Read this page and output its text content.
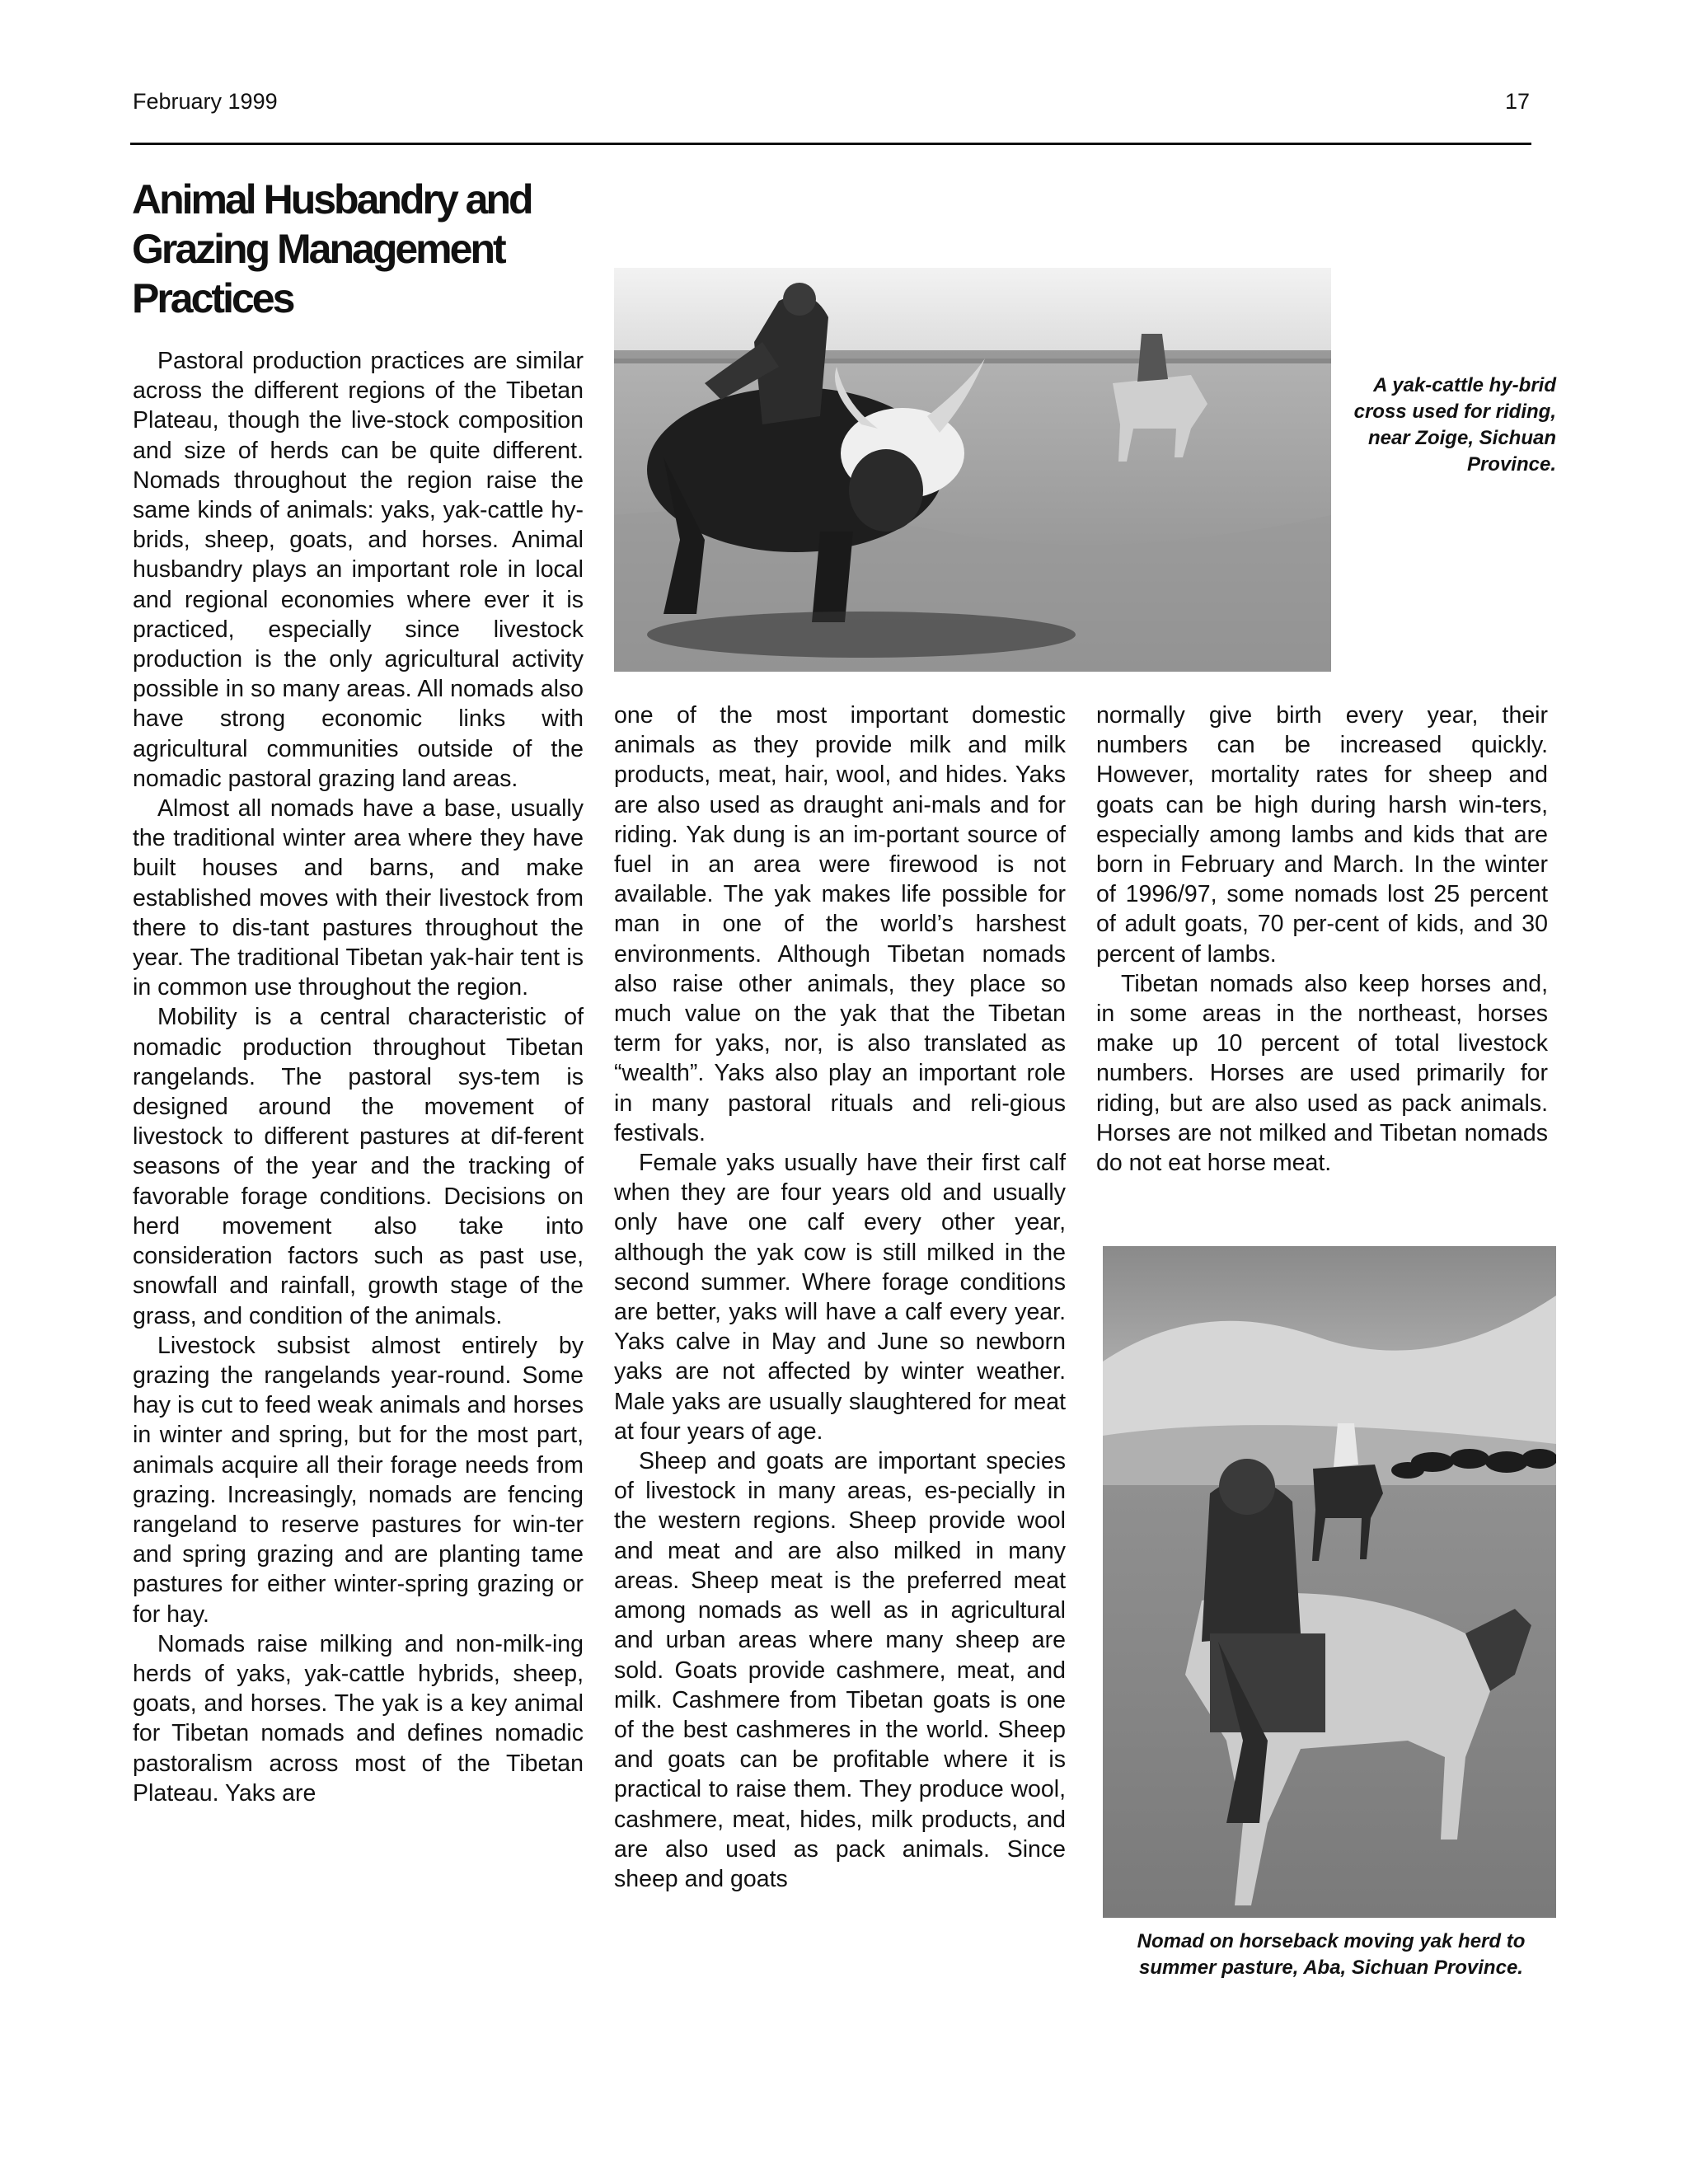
February 1999	17
Animal Husbandry and Grazing Management Practices

Pastoral production practices are similar across the different regions of the Tibetan Plateau, though the live-stock composition and size of herds can be quite different. Nomads throughout the region raise the same kinds of animals: yaks, yak-cattle hy-brids, sheep, goats, and horses. Animal husbandry plays an important role in local and regional economies where ever it is practiced, especially since livestock production is the only agricultural activity possible in so many areas. All nomads also have strong economic links with agricultural communities outside of the nomadic pastoral grazing land areas.

Almost all nomads have a base, usually the traditional winter area where they have built houses and barns, and make established moves with their livestock from there to dis-tant pastures throughout the year. The traditional Tibetan yak-hair tent is in common use throughout the region.

Mobility is a central characteristic of nomadic production throughout Tibetan rangelands. The pastoral sys-tem is designed around the movement of livestock to different pastures at dif-ferent seasons of the year and the tracking of favorable forage conditions. Decisions on herd movement also take into consideration factors such as past use, snowfall and rainfall, growth stage of the grass, and condition of the animals.

Livestock subsist almost entirely by grazing the rangelands year-round. Some hay is cut to feed weak animals and horses in winter and spring, but for the most part, animals acquire all their forage needs from grazing. Increasingly, nomads are fencing rangeland to reserve pastures for win-ter and spring grazing and are planting tame pastures for either winter-spring grazing or for hay.

Nomads raise milking and non-milk-ing herds of yaks, yak-cattle hybrids, sheep, goats, and horses. The yak is a key animal for Tibetan nomads and defines nomadic pastoralism across most of the Tibetan Plateau. Yaks are

one of the most important domestic animals as they provide milk and milk products, meat, hair, wool, and hides. Yaks are also used as draught ani-mals and for riding. Yak dung is an im-portant source of fuel in an area were firewood is not available. The yak makes life possible for man in one of the world’s harshest environments. Although Tibetan nomads also raise other animals, they place so much value on the yak that the Tibetan term for yaks, nor, is also translated as “wealth”. Yaks also play an important role in many pastoral rituals and reli-gious festivals.

Female yaks usually have their first calf when they are four years old and usually only have one calf every other year, although the yak cow is still milked in the second summer. Where forage conditions are better, yaks will have a calf every year. Yaks calve in May and June so newborn yaks are not affected by winter weather. Male yaks are usually slaughtered for meat at four years of age.

Sheep and goats are important species of livestock in many areas, es-pecially in the western regions. Sheep provide wool and meat and are also milked in many areas. Sheep meat is the preferred meat among nomads as well as in agricultural and urban areas where many sheep are sold. Goats provide cashmere, meat, and milk. Cashmere from Tibetan goats is one of the best cashmeres in the world. Sheep and goats can be profitable where it is practical to raise them. They produce wool, cashmere, meat, hides, milk products, and are also used as pack animals. Since sheep and goats

normally give birth every year, their numbers can be increased quickly. However, mortality rates for sheep and goats can be high during harsh win-ters, especially among lambs and kids that are born in February and March. In the winter of 1996/97, some nomads lost 25 percent of adult goats, 70 per-cent of kids, and 30 percent of lambs.

Tibetan nomads also keep horses and, in some areas in the northeast, horses make up 10 percent of total livestock numbers. Horses are used primarily for riding, but are also used as pack animals. Horses are not milked and Tibetan nomads do not eat horse meat.

A yak-cattle hy-brid cross used for riding, near Zoige, Sichuan Province.
Nomad on horseback moving yak herd to summer pasture, Aba, Sichuan Province.
